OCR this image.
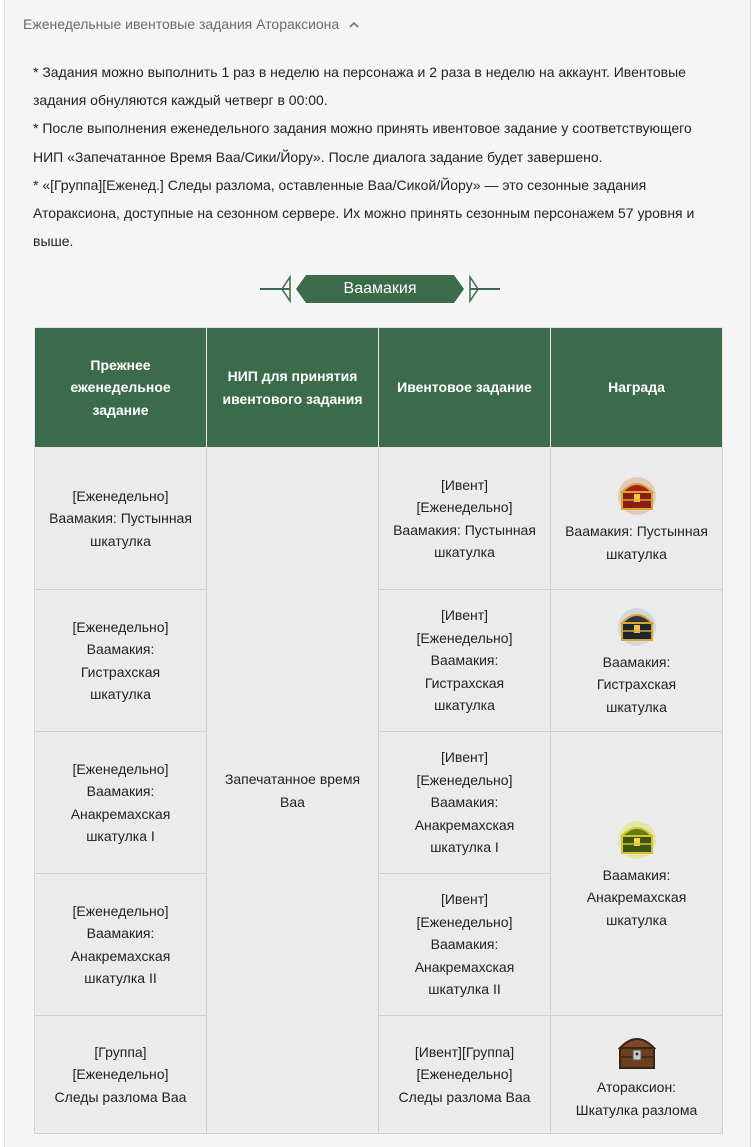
Еженедельные ивентовые задания Атораксиона

* Задания можно выполнить 1 раз в неделю на персонажа и 2 раза в неделю на аккаунт. Ивентовые задания обнуляются каждый четверг в 00:00.

* После выполнения еженедельного задания можно принять ивентовое задание у соответствующего НИП «Запечатанное Время Ваа/Сики/Йору». После диалога задание будет завершено.

* «[Группа][Еженед.] Следы разлома, оставленные Ваа/Сикой/Йору» — это сезонные задания Атораксиона, доступные на сезонном сервере. Их можно принять сезонным персонажем 57 уровня и выше.

Ваамакия
Прежнее еженедельное задание	НИП для принятия ивентового задания	Ивентовое задание	Награда
[Еженедельно] Ваамакия: Пустынная шкатулка	Запечатанное время Ваа	[Ивент] [Еженедельно] Ваамакия: Пустынная шкатулка	Ваамакия: Пустынная шкатулка
[Еженедельно] Ваамакия: Гистрахская шкатулка		[Ивент] [Еженедельно] Ваамакия: Гистрахская шкатулка	Ваамакия: Гистрахская шкатулка
[Еженедельно] Ваамакия: Анакремахская шкатулка I		[Ивент] [Еженедельно] Ваамакия: Анакремахская шкатулка I	Ваамакия: Анакремахская шкатулка
[Еженедельно] Ваамакия: Анакремахская шкатулка II		[Ивент] [Еженедельно] Ваамакия: Анакремахская шкатулка II	
[Группа] [Еженедельно] Следы разлома Ваа		[Ивент][Группа] [Еженедельно] Следы разлома Ваа	Атораксион: Шкатулка разлома
